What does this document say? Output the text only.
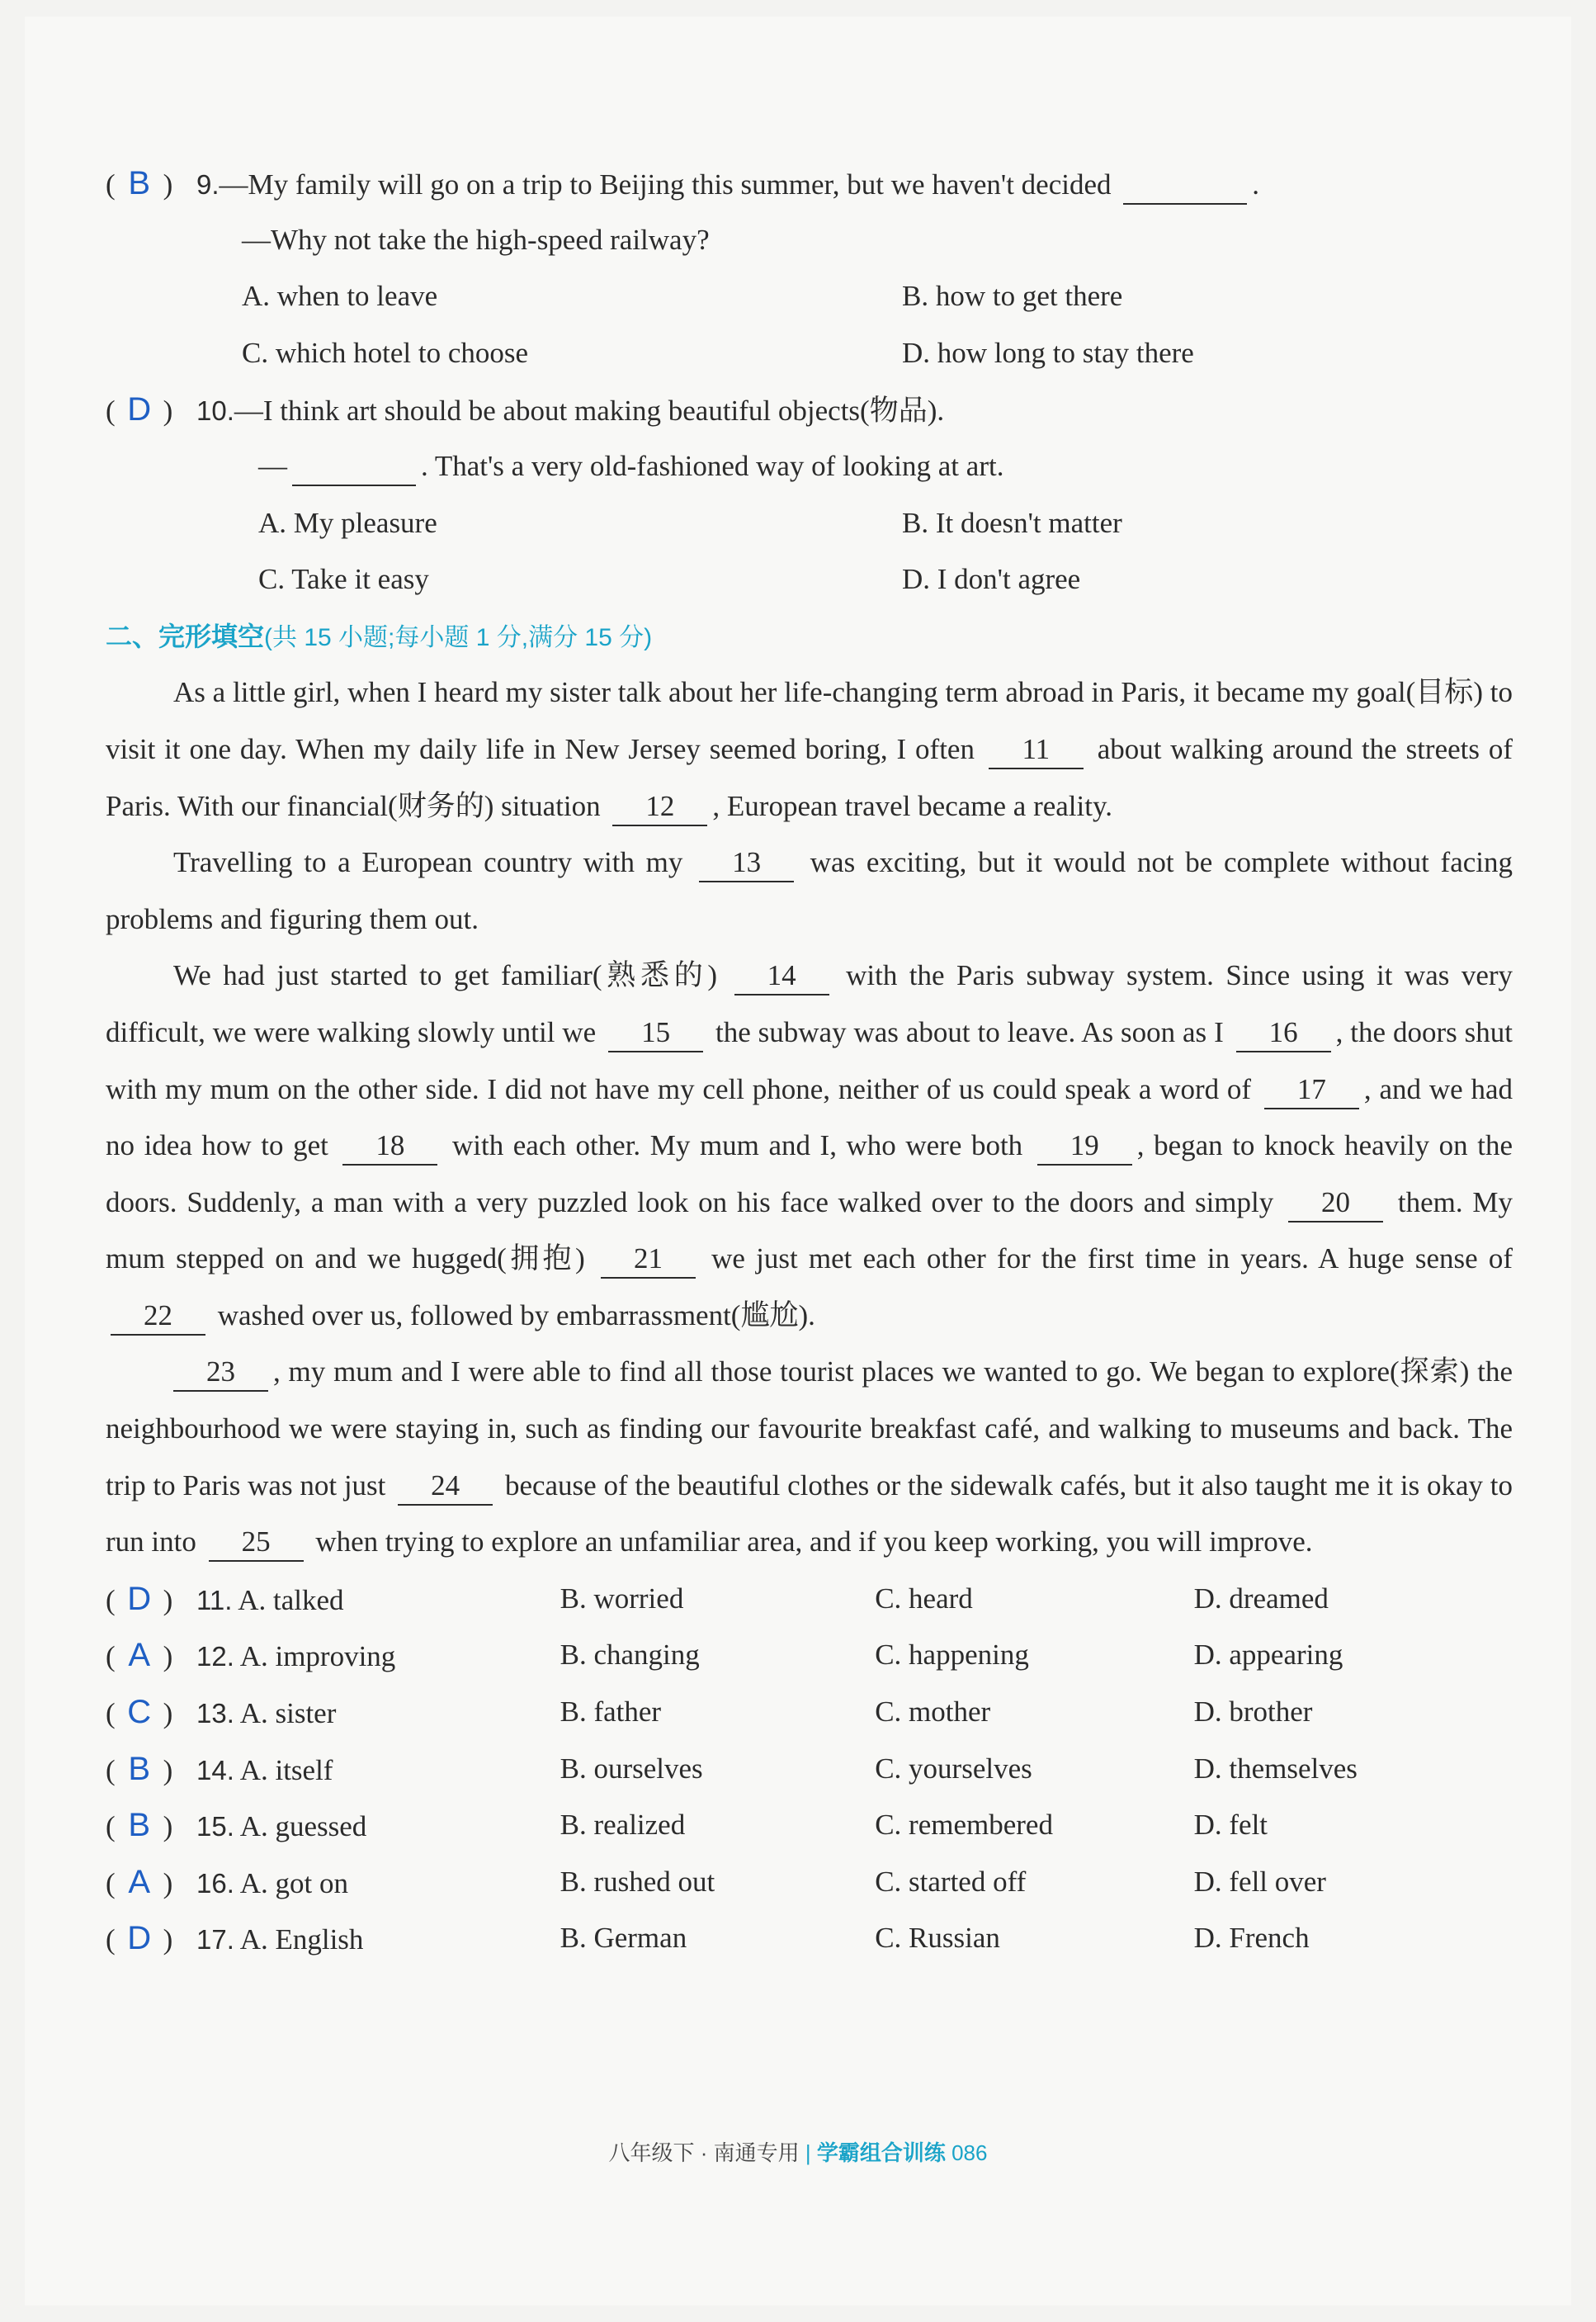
( B ) 9.—My family will go on a trip to Beijing this summer, but we haven't decided	.
—Why not take the high-speed railway?
A. when to leave	B. how to get there
C. which hotel to choose	D. how long to stay there
( D ) 10.—I think art should be about making beautiful objects(物品).
—	. That's a very old-fashioned way of looking at art.
A. My pleasure	B. It doesn't matter
C. Take it easy	D. I don't agree
二、完形填空(共 15 小题;每小题 1 分,满分 15 分)
As a little girl, when I heard my sister talk about her life-changing term abroad in Paris, it became my goal(目标) to visit it one day. When my daily life in New Jersey seemed boring, I often 11 about walking around the streets of Paris. With our financial(财务的) situation 12 , European travel became a reality.
Travelling to a European country with my 13 was exciting, but it would not be complete without facing problems and figuring them out.
We had just started to get familiar(熟悉的) 14 with the Paris subway system. Since using it was very difficult, we were walking slowly until we 15 the subway was about to leave. As soon as I 16 , the doors shut with my mum on the other side. I did not have my cell phone, neither of us could speak a word of 17 , and we had no idea how to get 18 with each other. My mum and I, who were both 19 , began to knock heavily on the doors. Suddenly, a man with a very puzzled look on his face walked over to the doors and simply 20 them. My mum stepped on and we hugged(拥抱) 21 we just met each other for the first time in years. A huge sense of 22 washed over us, followed by embarrassment(尴尬).
23 , my mum and I were able to find all those tourist places we wanted to go. We began to explore(探索) the neighbourhood we were staying in, such as finding our favourite breakfast café, and walking to museums and back. The trip to Paris was not just 24 because of the beautiful clothes or the sidewalk cafés, but it also taught me it is okay to run into 25 when trying to explore an unfamiliar area, and if you keep working, you will improve.
( D ) 11. A. talked	B. worried	C. heard	D. dreamed
( A ) 12. A. improving	B. changing	C. happening	D. appearing
( C ) 13. A. sister	B. father	C. mother	D. brother
( B ) 14. A. itself	B. ourselves	C. yourselves	D. themselves
( B ) 15. A. guessed	B. realized	C. remembered	D. felt
( A ) 16. A. got on	B. rushed out	C. started off	D. fell over
( D ) 17. A. English	B. German	C. Russian	D. French
八年级下 · 南通专用 | 学霸组合训练 086
